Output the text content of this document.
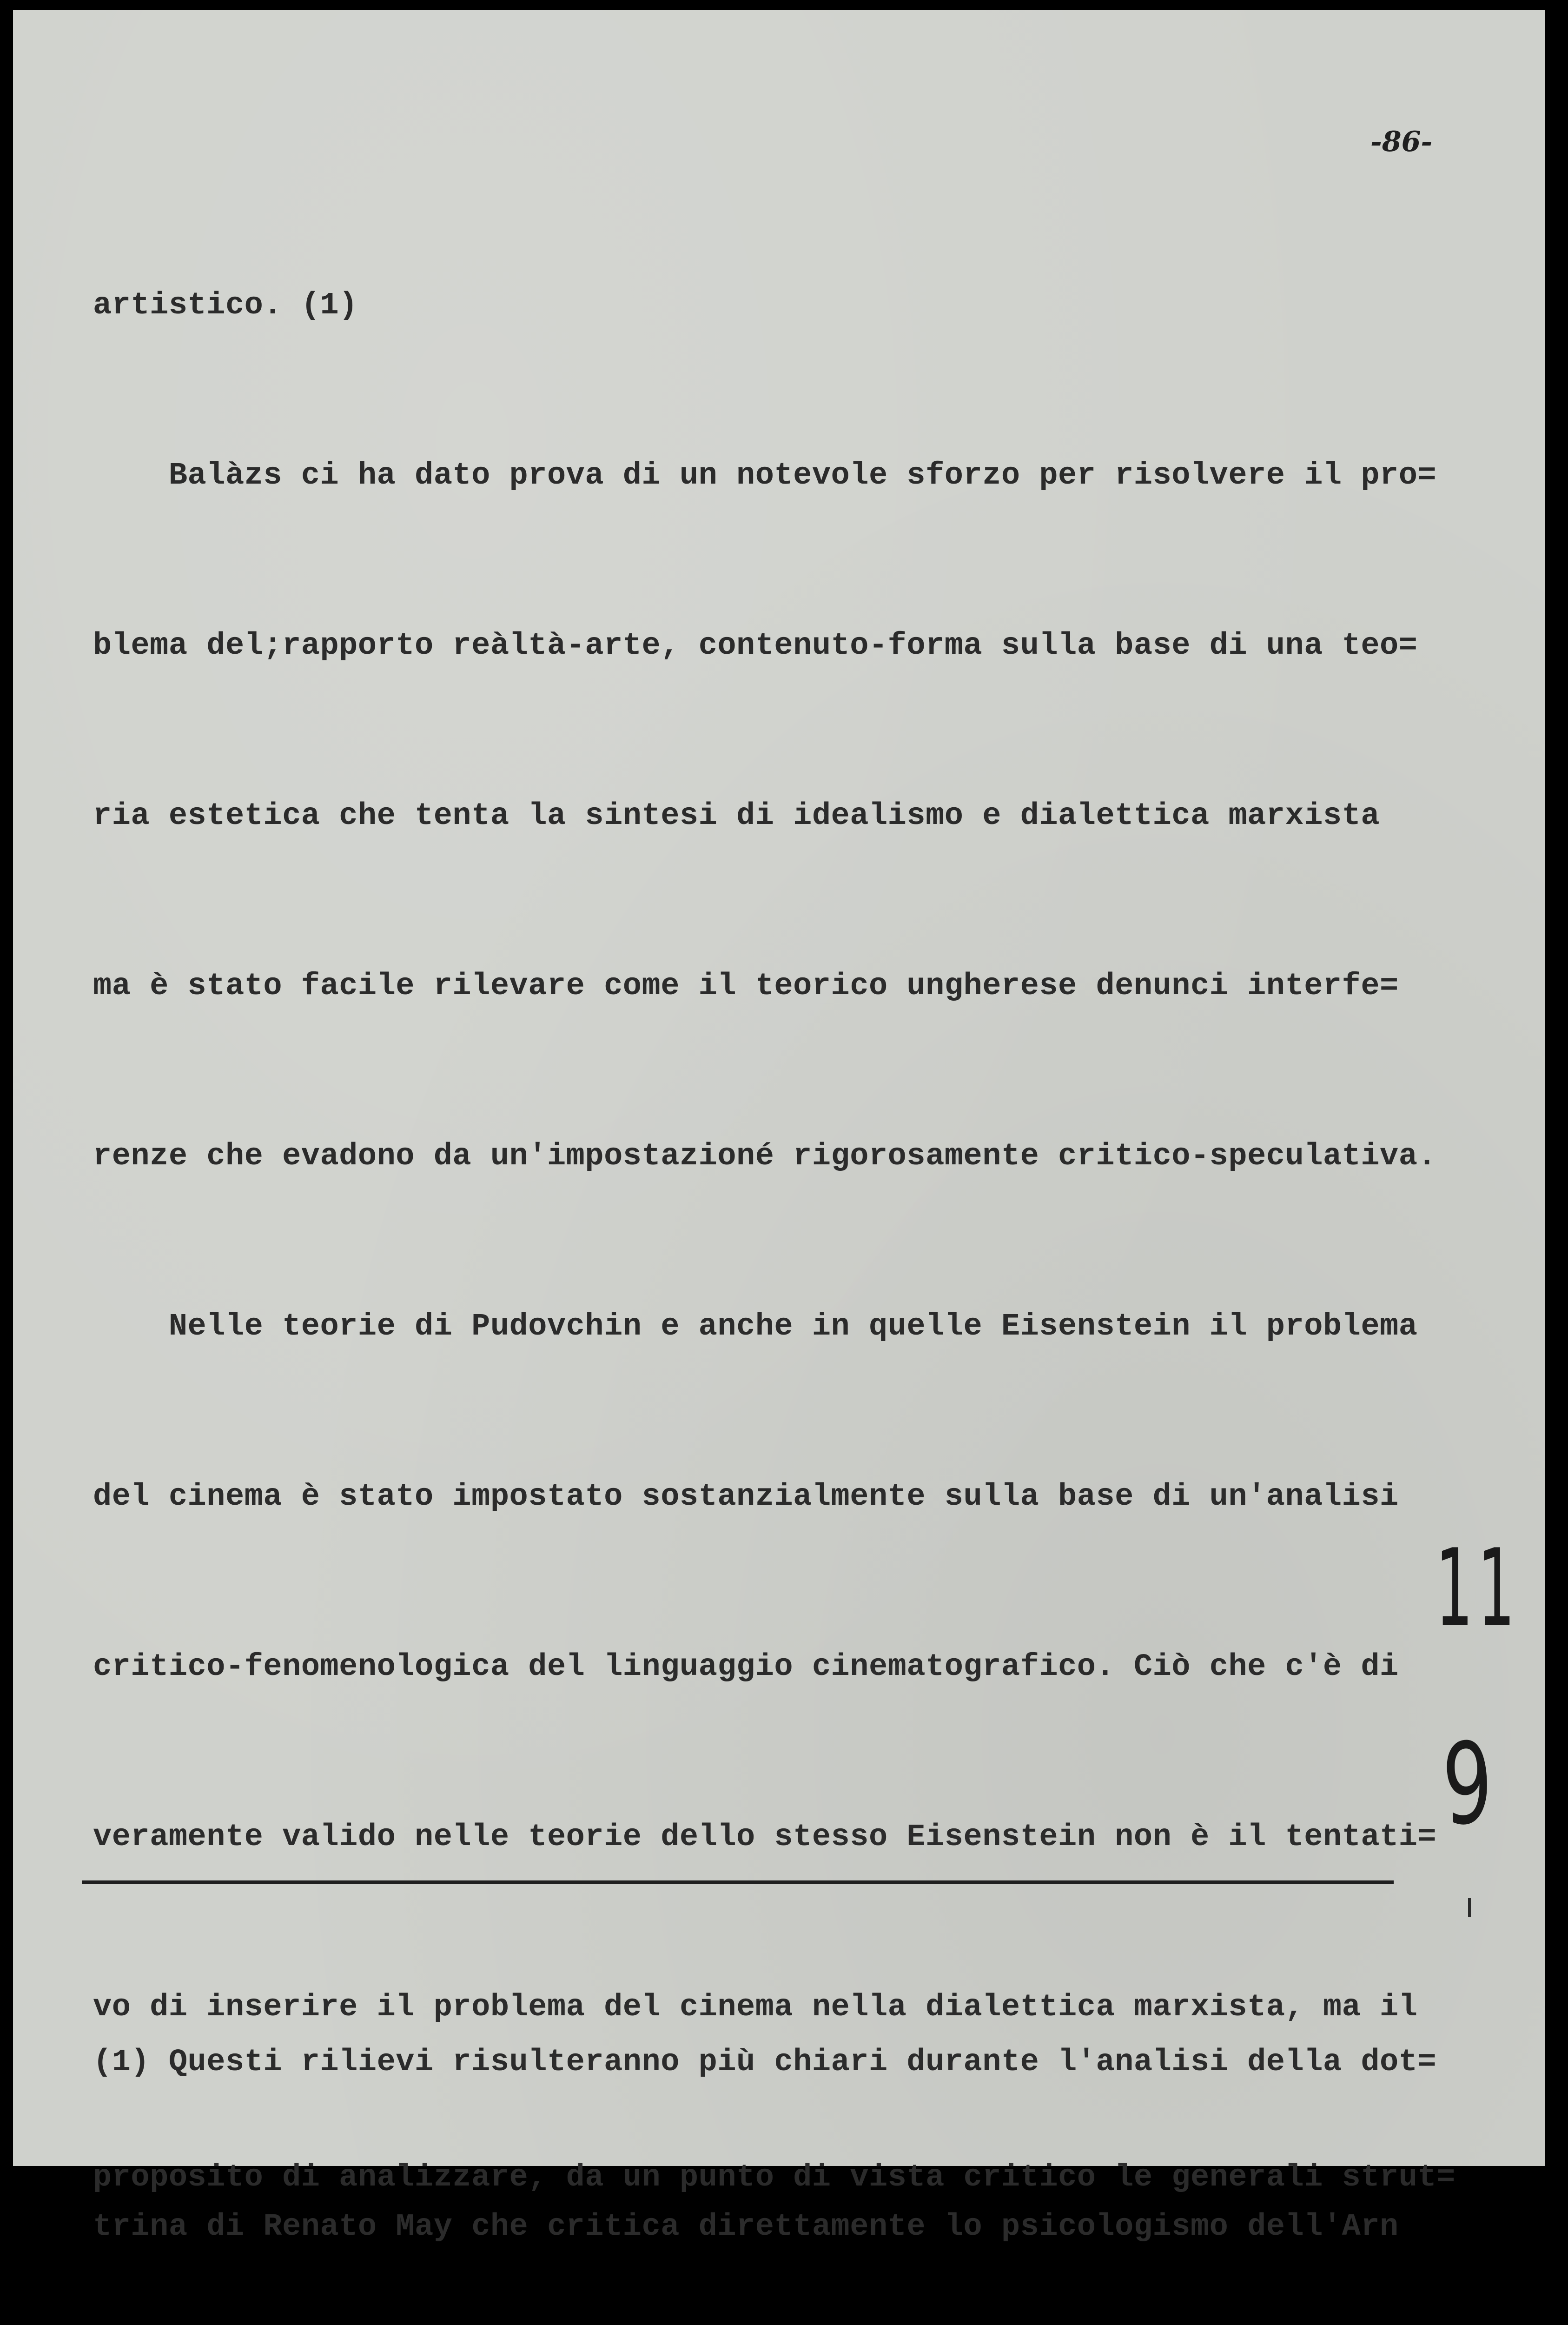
-86-

artistico. (1)

Balàzs ci ha dato prova di un notevole sforzo per risolvere il pro=

blema del;rapporto reàltà-arte, contenuto-forma sulla base di una teo=

ria estetica che tenta la sintesi di idealismo e dialettica marxista

ma è stato facile rilevare come il teorico ungherese denunci interfe=

renze che evadono da un'impostazioné rigorosamente critico-speculativa.

Nelle teorie di Pudovchin e anche in quelle Eisenstein il problema

del cinema è stato impostato sostanzialmente sulla base di un'analisi

critico-fenomenologica del linguaggio cinematografico. Ciò che c'è di

veramente valido nelle teorie dello stesso Eisenstein non è il tentati=

vo di inserire il problema del cinema nella dialettica marxista, ma il

proposito di analizzare, da un punto di vista critico le generali strut=

(1) Questi rilievi risulteranno più chiari durante l'analisi della dot=

trina di Renato May che critica direttamente lo psicologismo dell'Arn

11
9
